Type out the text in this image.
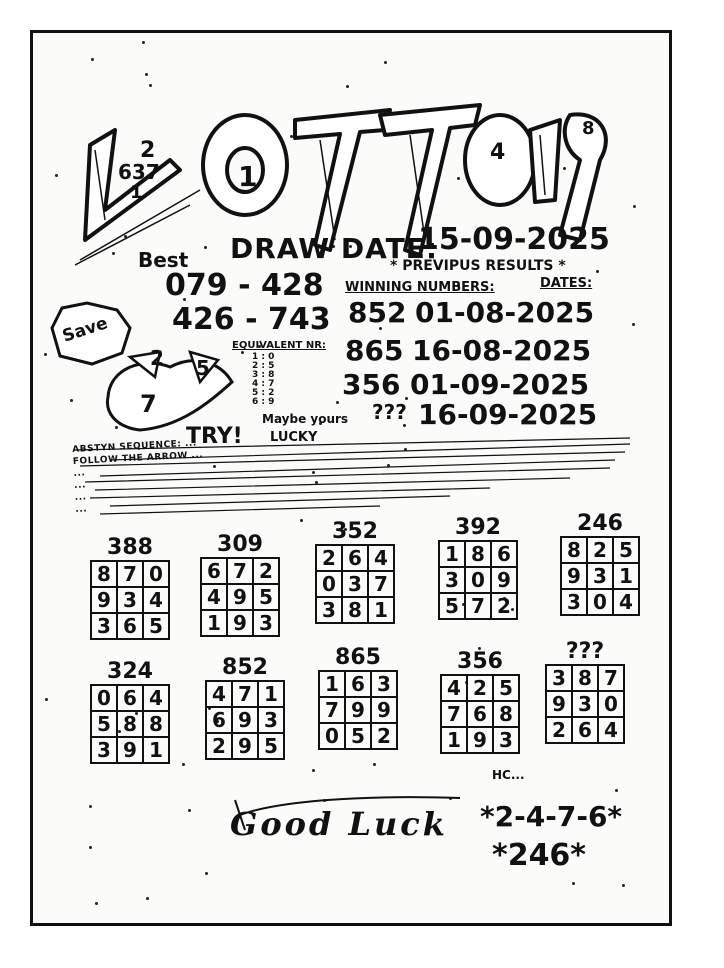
2
637
1	1
4
8
Best DRAW DATE:
15-09-2025
079 - 428
426 - 743
* PREVIPUS RESULTS *
WINNING NUMBERS:	DATES:
852 01-08-2025
865 16-08-2025
356 01-09-2025
Maybe yours ??? 16-09-2025
Save	EQUIVALENT NR:
1 : 0
2 : 5
3 : 8
4 : 7
5 : 2
6 : 9
2 5
7
TRY! LUCKY
ABSTYN SEQUENCE: ...
FOLLOW THE ARROW ...
...
...
...
...
388
8	7	0
9	3	4
3	6	5
309
6	7	2
4	9	5
1	9	3
352
2	6	4
0	3	7
3	8	1
392
1	8	6
3	0	9
5	7	2
246
8	2	5
9	3	1
3	0	4
324
0	6	4
5	8	8
3	9	1
852
4	7	1
6	9	3
2	9	5
865
1	6	3
7	9	9
0	5	2
356
4	2	5
7	6	8
1	9	3
???
3	8	7
9	3	0
2	6	4
Good Luck
HC...
*2-4-7-6*
*246*
